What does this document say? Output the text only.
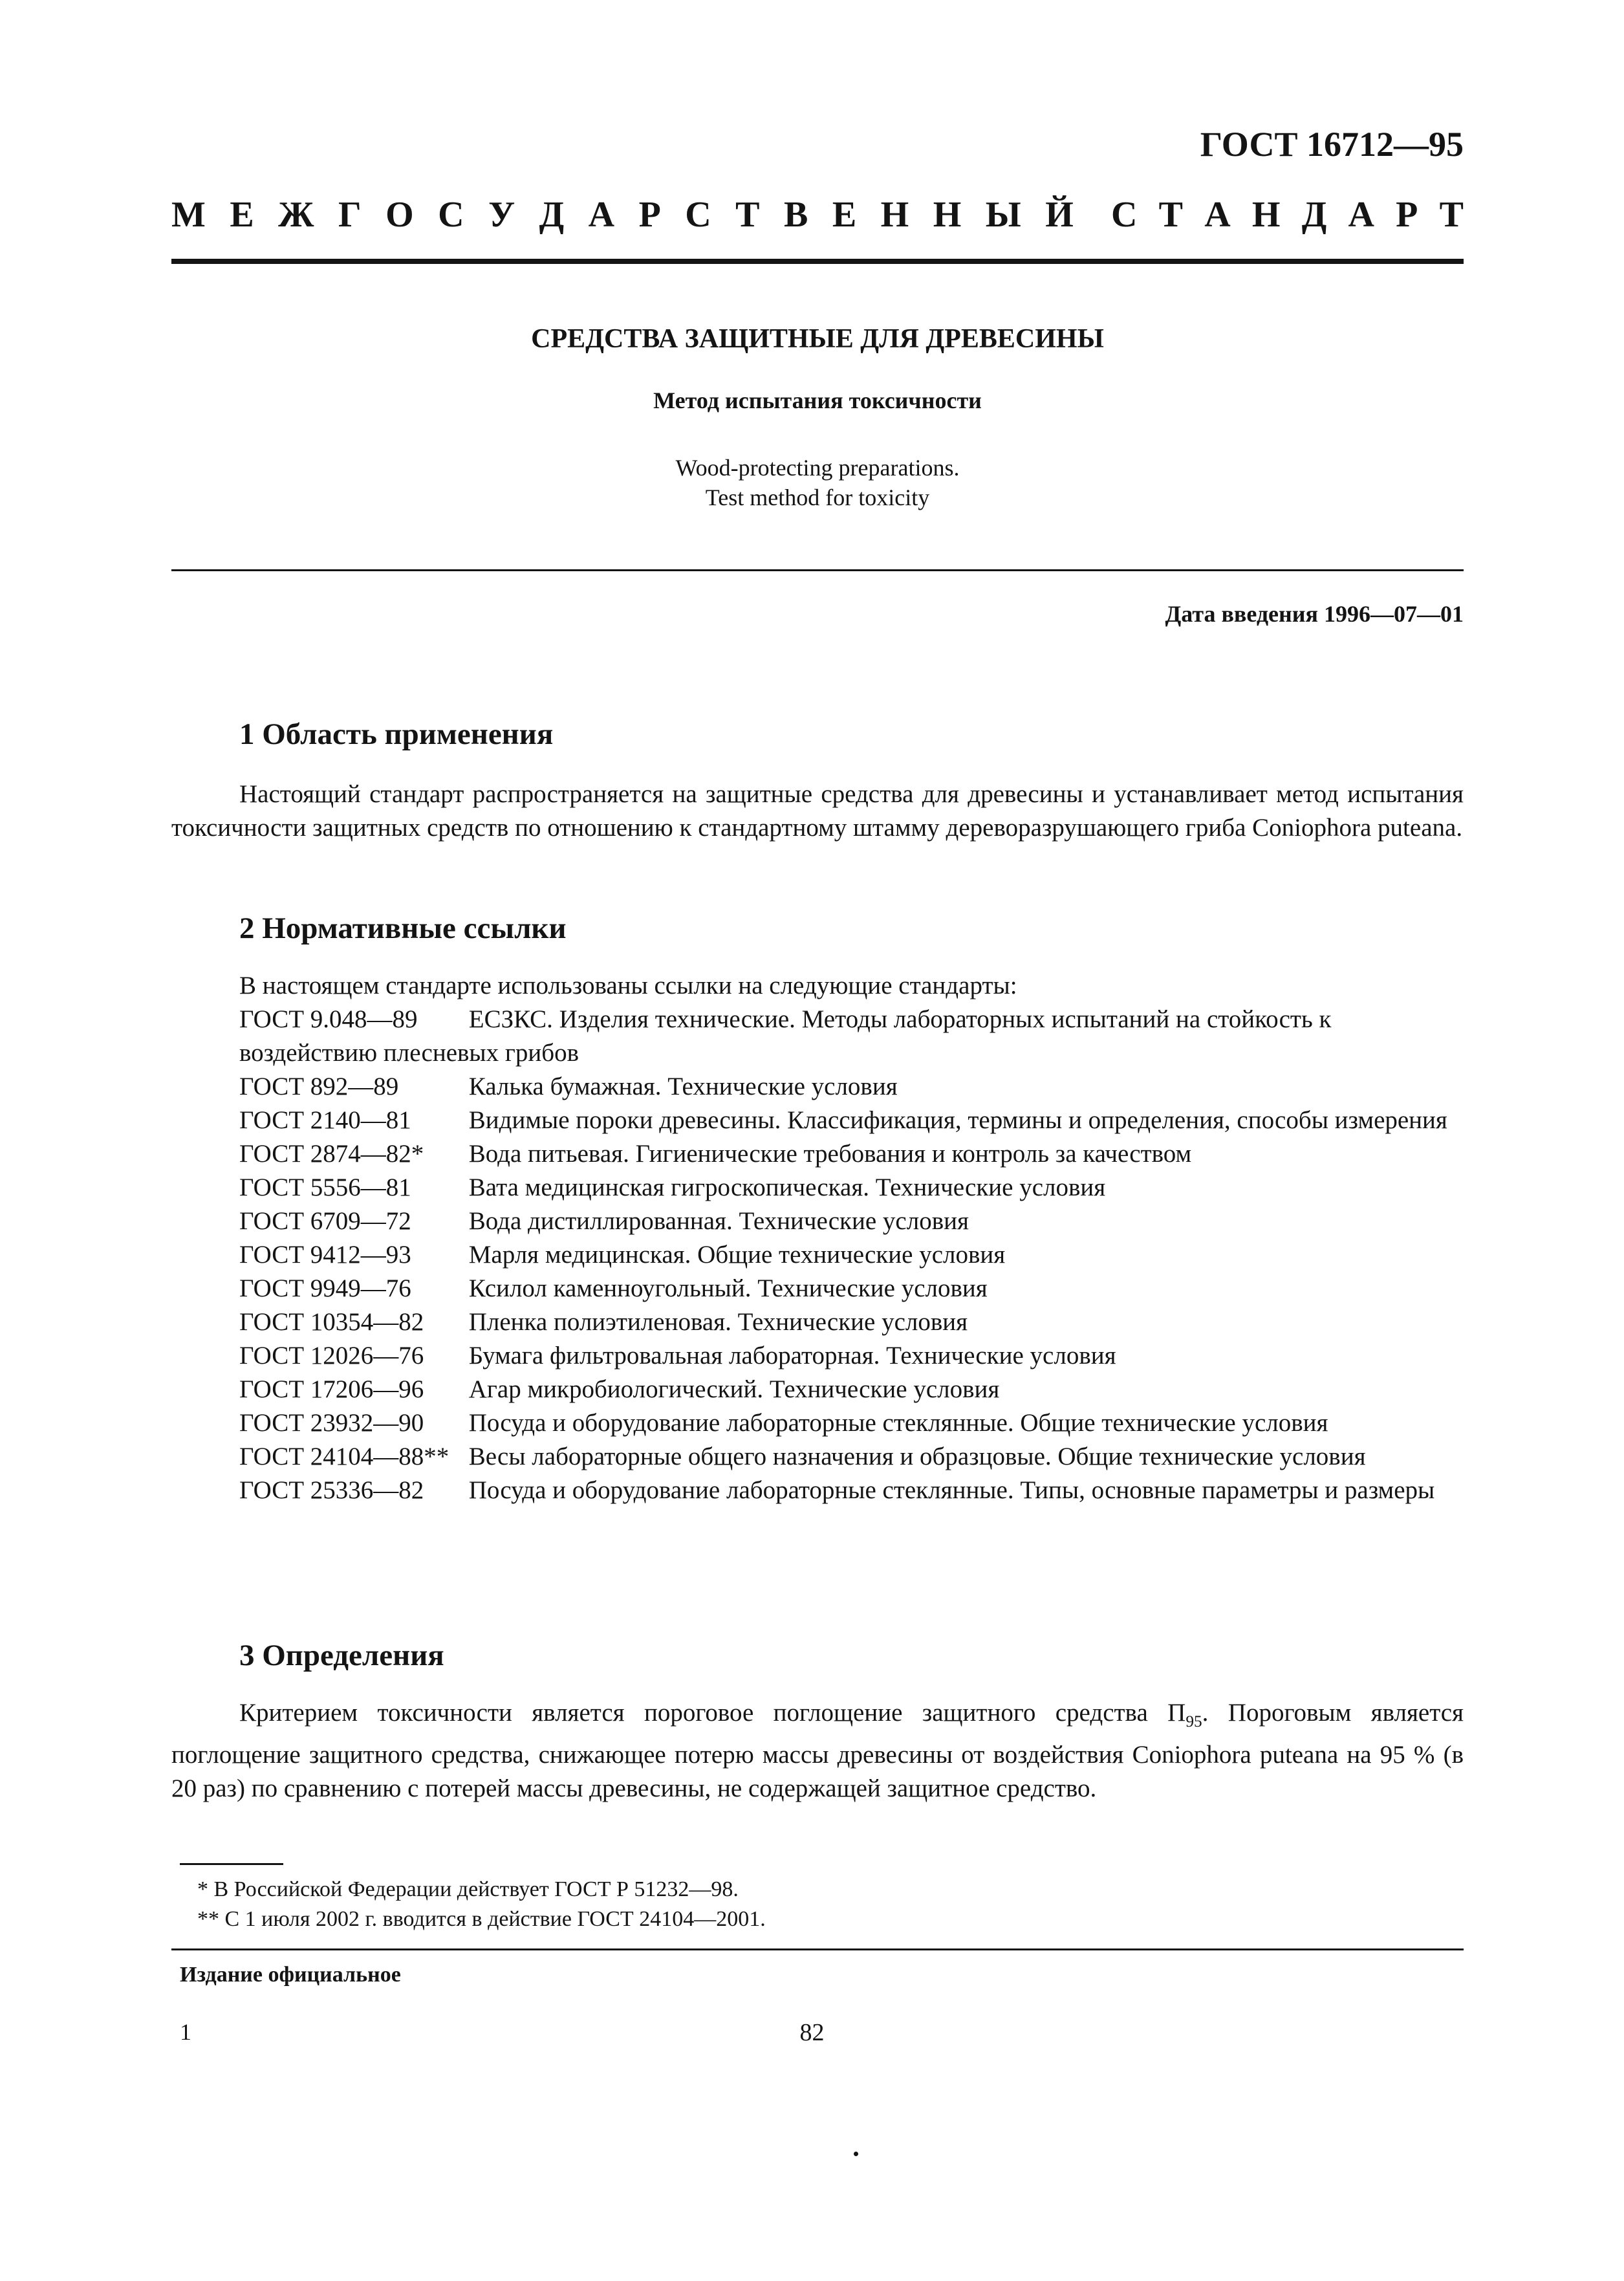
ГОСТ 16712—95
М Е Ж Г О С У Д А Р С Т В Е Н Н Ы Й С Т А Н Д А Р Т
СРЕДСТВА ЗАЩИТНЫЕ ДЛЯ ДРЕВЕСИНЫ
Метод испытания токсичности
Wood-protecting preparations.
Test method for toxicity
Дата введения 1996—07—01
1 Область применения

Настоящий стандарт распространяется на защитные средства для древесины и устанавливает метод испытания токсичности защитных средств по отношению к стандартному штамму дереворазрушающего гриба Coniophora puteana.

2 Нормативные ссылки

В настоящем стандарте использованы ссылки на следующие стандарты:

ГОСТ 9.048—89 ЕСЗКС. Изделия технические. Методы лабораторных испытаний на стойкость к воздействию плесневых грибов
ГОСТ 892—89	Калька бумажная. Технические условия
ГОСТ 2140—81 Видимые пороки древесины. Классификация, термины и определения, способы измерения
ГОСТ 2874—82* Вода питьевая. Гигиенические требования и контроль за качеством
ГОСТ 5556—81 Вата медицинская гигроскопическая. Технические условия
ГОСТ 6709—72 Вода дистиллированная. Технические условия
ГОСТ 9412—93 Марля медицинская. Общие технические условия
ГОСТ 9949—76 Ксилол каменноугольный. Технические условия
ГОСТ 10354—82 Пленка полиэтиленовая. Технические условия
ГОСТ 12026—76 Бумага фильтровальная лабораторная. Технические условия
ГОСТ 17206—96 Агар микробиологический. Технические условия
ГОСТ 23932—90 Посуда и оборудование лабораторные стеклянные. Общие технические условия
ГОСТ 24104—88** Весы лабораторные общего назначения и образцовые. Общие технические условия
ГОСТ 25336—82 Посуда и оборудование лабораторные стеклянные. Типы, основные параметры и размеры
3 Определения

Критерием токсичности является пороговое поглощение защитного средства $П_{95}$. Пороговым является поглощение защитного средства, снижающее потерю массы древесины от воздействия Coniophora puteana на 95 % (в 20 раз) по сравнению с потерей массы древесины, не содержащей защитное средство.

* В Российской Федерации действует ГОСТ Р 51232—98.
** С 1 июля 2002 г. вводится в действие ГОСТ 24104—2001.
Издание официальное
1	82
